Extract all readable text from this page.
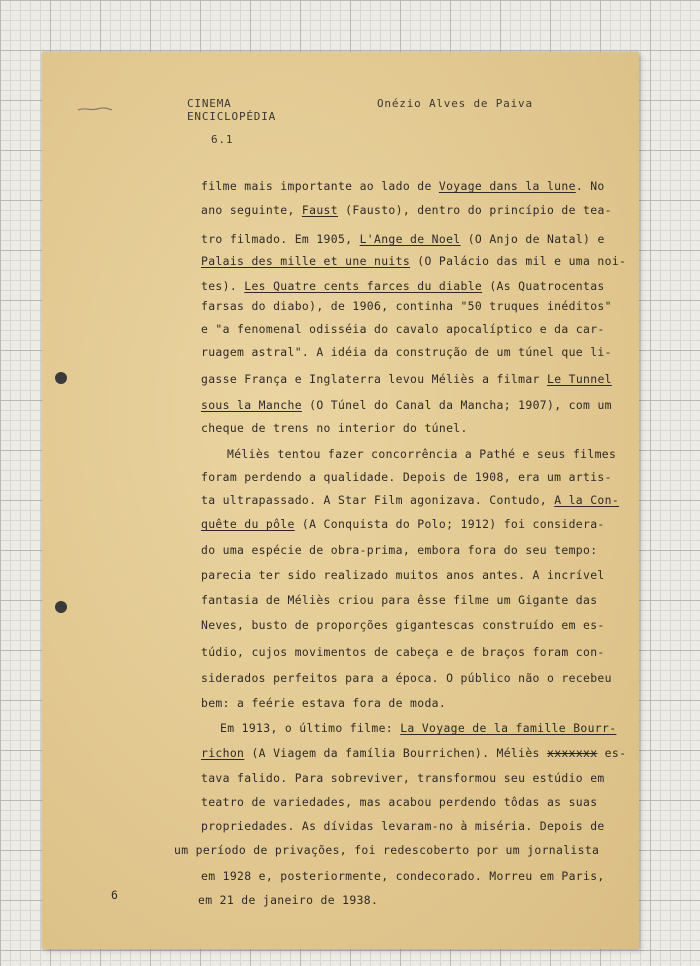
CINEMA
ENCICLOPÉDIA
Onézio Alves de Paiva
6.1
filme mais importante ao lado de Voyage dans la lune. No
ano seguinte, Faust (Fausto), dentro do princípio de tea-
tro filmado. Em 1905, L'Ange de Noel (O Anjo de Natal) e
Palais des mille et une nuits (O Palácio das mil e uma noi-
tes). Les Quatre cents farces du diable (As Quatrocentas
farsas do diabo), de 1906, continha "50 truques inéditos"
e "a fenomenal odisséia do cavalo apocalíptico e da car-
ruagem astral". A idéia da construção de um túnel que li-
gasse França e Inglaterra levou Méliès a filmar Le Tunnel
sous la Manche (O Túnel do Canal da Mancha; 1907), com um
cheque de trens no interior do túnel.
Méliès tentou fazer concorrência a Pathé e seus filmes
foram perdendo a qualidade. Depois de 1908, era um artis-
ta ultrapassado. A Star Film agonizava. Contudo, A la Con-
quête du pôle (A Conquista do Polo; 1912) foi considera-
do uma espécie de obra-prima, embora fora do seu tempo:
parecia ter sido realizado muitos anos antes. A incrível
fantasia de Méliès criou para êsse filme um Gigante das
Neves, busto de proporções gigantescas construído em es-
túdio, cujos movimentos de cabeça e de braços foram con-
siderados perfeitos para a época. O público não o recebeu
bem: a feérie estava fora de moda.
Em 1913, o último filme: La Voyage de la famille Bourr-
richon (A Viagem da família Bourrichen). Méliès xxxxxxx es-
tava falido. Para sobreviver, transformou seu estúdio em
teatro de variedades, mas acabou perdendo tôdas as suas
propriedades. As dívidas levaram-no à miséria. Depois de
um período de privações, foi redescoberto por um jornalista
em 1928 e, posteriormente, condecorado. Morreu em Paris,
em 21 de janeiro de 1938.
6
